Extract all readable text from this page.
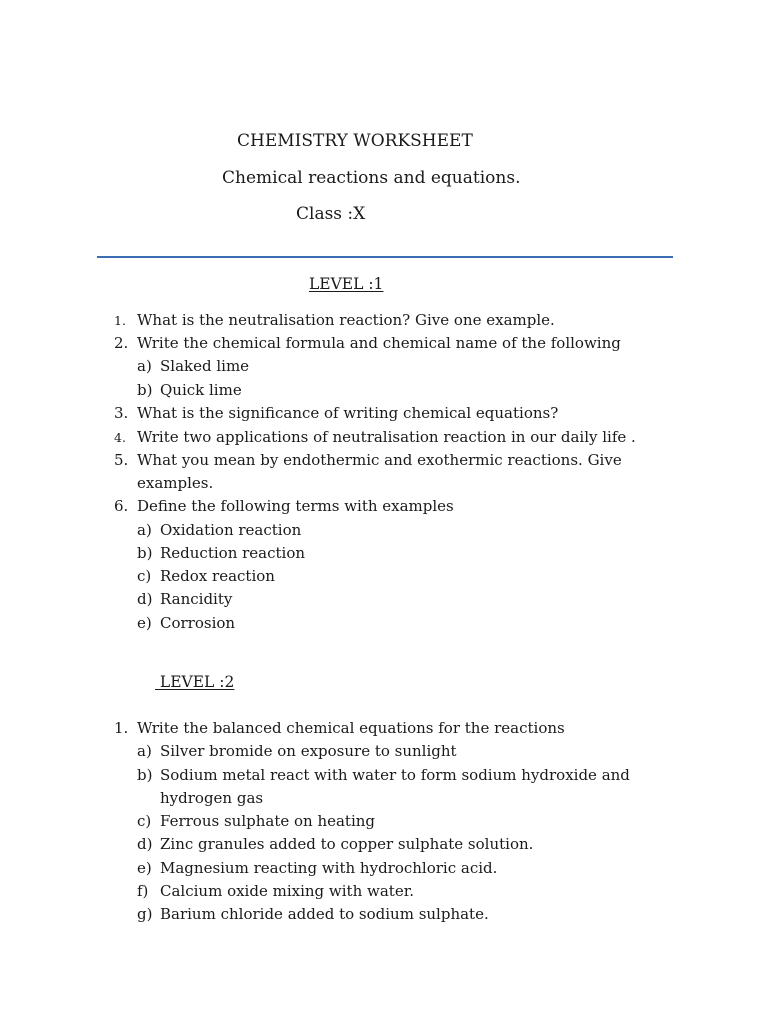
CHEMISTRY WORKSHEET
Chemical reactions and equations.
Class :X
LEVEL :1
1. What is the neutralisation reaction? Give one example.
2. Write the chemical formula and chemical name of the following
a) Slaked lime
b) Quick lime
3. What is the significance of writing chemical equations?
4. Write two applications of neutralisation reaction in our daily life .
5. What you mean by endothermic and exothermic reactions. Give
examples.
6. Define the following terms with examples
a) Oxidation reaction
b) Reduction reaction
c) Redox reaction
d) Rancidity
e) Corrosion
LEVEL :2
1. Write the balanced chemical equations for the reactions
a) Silver bromide on exposure to sunlight
b) Sodium metal react with water to form sodium hydroxide and
hydrogen gas
c) Ferrous sulphate on heating
d) Zinc granules added to copper sulphate solution.
e) Magnesium reacting with hydrochloric acid.
f) Calcium oxide mixing with water.
g) Barium chloride added to sodium sulphate.
